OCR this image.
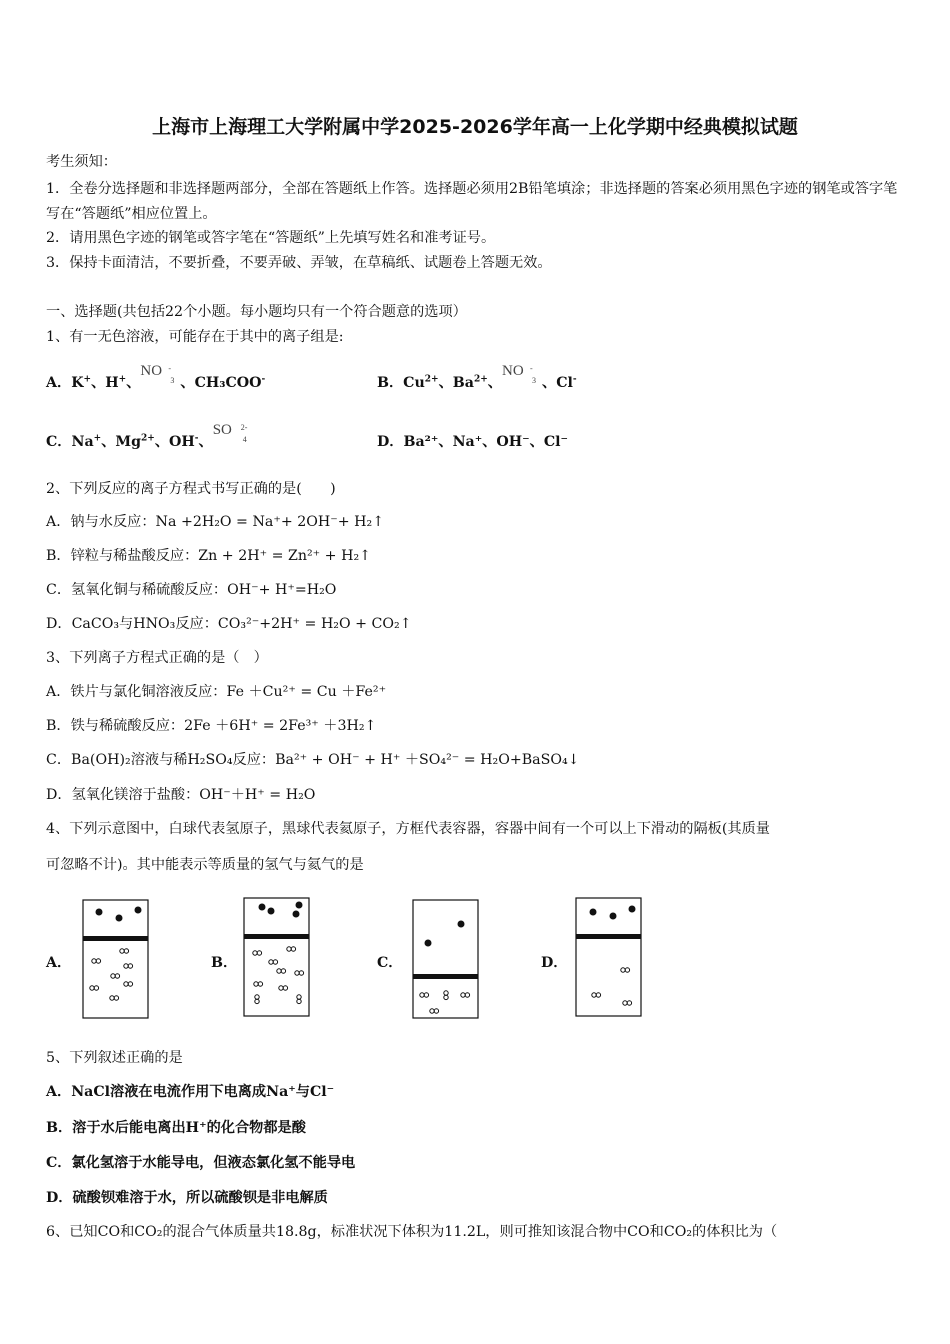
上海市上海理工大学附属中学2025-2026学年高一上化学期中经典模拟试题
考生须知：
1．全卷分选择题和非选择题两部分，全部在答题纸上作答。选择题必须用2B铅笔填涂；非选择题的答案必须用黑色字迹的钢笔或答字笔写在“答题纸”相应位置上。
2．请用黑色字迹的钢笔或答字笔在“答题纸”上先填写姓名和准考证号。
3．保持卡面清洁，不要折叠，不要弄破、弄皱，在草稿纸、试题卷上答题无效。
一、选择题(共包括22个小题。每小题均只有一个符合题意的选项）
1、有一无色溶液，可能存在于其中的离子组是:
A．K+、H+、
NO -
3 、CH₃COO-	B．$Cu^{2+}$、$Ba^{2+}$、
NO -
3 、Cl-
C．Na+、$Mg^{2+}$、OH-、
SO 2-
4	D．Ba²⁺、Na⁺、OH⁻、Cl⁻
2、下列反应的离子方程式书写正确的是(　　)
A．钠与水反应：Na +2H₂O = Na⁺+ 2OH⁻+ H₂↑
B．锌粒与稀盐酸反应：Zn + 2H⁺ = Zn²⁺ + H₂↑
C．氢氧化铜与稀硫酸反应：OH⁻+ H⁺=H₂O
D．CaCO₃与HNO₃反应：CO₃²⁻+2H⁺ = H₂O + CO₂↑
3、下列离子方程式正确的是（　）
A．铁片与氯化铜溶液反应：Fe ＋Cu²⁺ = Cu ＋Fe²⁺
B．铁与稀硫酸反应：2Fe ＋6H⁺ = 2Fe³⁺ ＋3H₂↑
C．Ba(OH)₂溶液与稀H₂SO₄反应：Ba²⁺ + OH⁻ + H⁺ ＋SO₄²⁻ = H₂O+BaSO₄↓
D．氢氧化镁溶于盐酸：OH⁻＋H⁺ = H₂O
4、下列示意图中，白球代表氢原子，黑球代表氦原子，方框代表容器，容器中间有一个可以上下滑动的隔板(其质量
可忽略不计)。其中能表示等质量的氢气与氦气的是
A．	B．	C．	D．
5、下列叙述正确的是
A．NaCl溶液在电流作用下电离成Na⁺与Cl⁻
B．溶于水后能电离出H⁺的化合物都是酸
C．氯化氢溶于水能导电，但液态氯化氢不能导电
D．硫酸钡难溶于水，所以硫酸钡是非电解质
6、已知CO和CO₂的混合气体质量共18.8g，标准状况下体积为11.2L，则可推知该混合物中CO和CO₂的体积比为（
